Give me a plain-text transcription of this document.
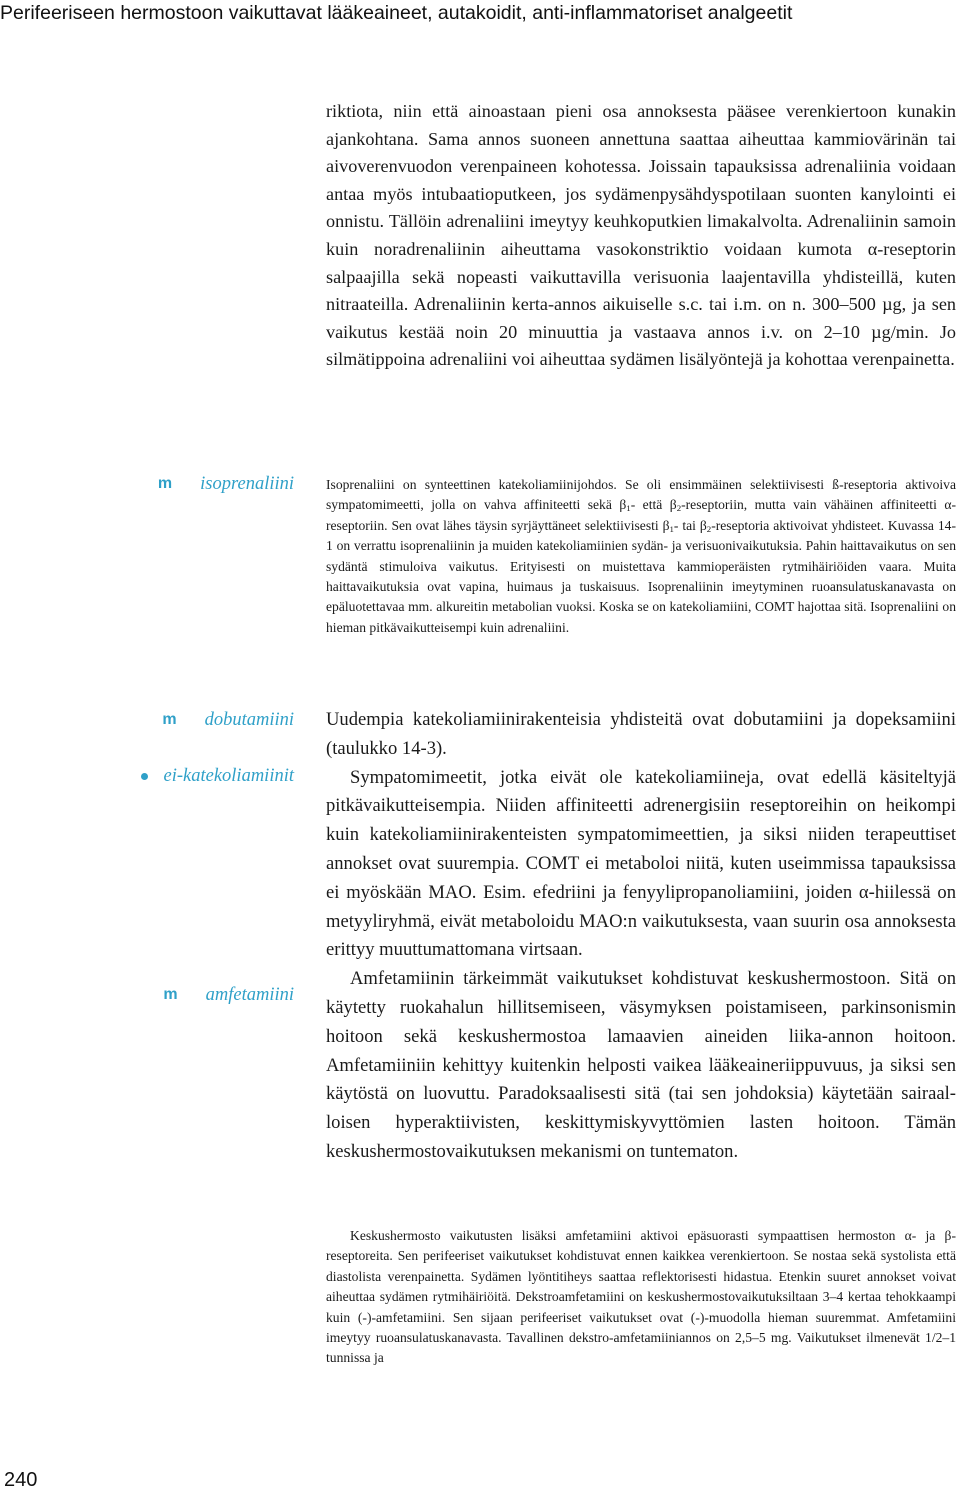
Perifeeriseen hermostoon vaikuttavat lääkeaineet, autakoidit, anti-inflammatoriset analgeetit

riktiota, niin että ainoastaan pieni osa annoksesta pääsee verenkiertoon kunakin ajankohtana. Sama annos suoneen annettuna saattaa aiheuttaa kammiovärinän tai aivoverenvuodon verenpaineen kohotessa. Joissain tapauksissa adrenaliinia voidaan antaa myös intubaatioputkeen, jos sydämenpysähdyspotilaan suonten kanylointi ei onnistu. Tällöin adrenaliini imeytyy keuhkoputkien limakalvolta. Adrenaliinin samoin kuin noradrenaliinin aiheuttama vasokonstriktio voidaan kumota α-reseptorin salpaajilla sekä nopeasti vaikuttavilla verisuonia laajentavilla yhdisteillä, kuten nitraateilla. Adrenaliinin kerta-annos aikuiselle s.c. tai i.m. on n. 300–500 µg, ja sen vaikutus kestää noin 20 minuuttia ja vastaava annos i.v. on 2–10 µg/min. Jo silmätippoina adrenaliini voi aiheuttaa sydämen lisälyöntejä ja kohottaa verenpainetta.

m isoprenaliini Isoprenaliini on synteettinen katekoliamiinijohdos. Se oli ensimmäinen selektiivisesti ß-reseptoria aktivoiva sympatomimeetti, jolla on vahva affiniteetti sekä $\beta_1-$ että $\beta_2$-reseptoriin, mutta vain vähäinen affiniteetti α-reseptoriin. Sen ovat lähes täysin syrjäyttäneet selektiivisesti $\beta_1-$ tai $\beta_2$-reseptoria aktivoivat yhdisteet. Kuvassa 14-1 on verrattu isoprenaliinin ja muiden katekoliamiinien sydän- ja verisuonivaikutuksia. Pahin haittavaikutus on sen sydäntä stimuloiva vaikutus. Erityisesti on muistettava kammioperäisten rytmihäiriöiden vaara. Muita haittavaikutuksia ovat vapina, huimaus ja tuskaisuus. Isoprenaliinin imeytyminen ruoansulatuskanavasta on epäluotettavaa mm. alkureitin metabolian vuoksi. Koska se on katekoliamiini, COMT hajottaa sitä. Isoprenaliini on hieman pitkävaikutteisempi kuin adrenaliini.

m dobutamiini
ei-katekoliamiinit

Uudempia katekoliamiinirakenteisia yhdisteitä ovat dobutamiini ja dopeksamiini (taulukko 14-3).

Sympatomimeetit, jotka eivät ole katekoliamiineja, ovat edellä käsiteltyjä pitkävaikutteisempia. Niiden affiniteetti adrenergisiin reseptoreihin on heikompi kuin katekoliamiinirakenteisten sympatomimeettien, ja siksi niiden terapeuttiset annokset ovat suurempia. COMT ei metaboloi niitä, kuten useimmissa tapauksissa ei myöskään MAO. Esim. efedriini ja fenyylipropanoliamiini, joiden α-hiilessä on metyyliryhmä, eivät metaboloidu MAO:n vaikutuksesta, vaan suurin osa annoksesta erittyy muuttumattomana virtsaan.

Amfetamiinin tärkeimmät vaikutukset kohdistuvat keskushermostoon. Sitä on käytetty ruokahalun hillitsemiseen, väsymyksen poistamiseen, parkinsonismin hoitoon sekä keskushermostoa lamaavien aineiden liika-annon hoitoon. Amfetamiiniin kehittyy kuitenkin helposti vaikea lääkeaineriippuvuus, ja siksi sen käytöstä on luovuttu. Paradoksaalisesti sitä (tai sen johdoksia) käytetään sairaalloisen hyperaktiivisten, keskittymiskyvyttömien lasten hoitoon. Tämän keskushermostovaikutuksen mekanismi on tuntematon.

m amfetamiini

Keskushermosto vaikutusten lisäksi amfetamiini aktivoi epäsuorasti sympaattisen hermoston α- ja β-reseptoreita. Sen perifeeriset vaikutukset kohdistuvat ennen kaikkea verenkiertoon. Se nostaa sekä systolista että diastolista verenpainetta. Sydämen lyöntitiheys saattaa reflektorisesti hidastua. Etenkin suuret annokset voivat aiheuttaa sydämen rytmihäiriöitä. Dekstroamfetamiini on keskushermostovaikutuksiltaan 3–4 kertaa tehokkaampi kuin (-)-amfetamiini. Sen sijaan perifeeriset vaikutukset ovat (-)-muodolla hieman suuremmat. Amfetamiini imeytyy ruoansulatuskanavasta. Tavallinen dekstro-amfetamiiniannos on 2,5–5 mg. Vaikutukset ilmenevät 1/2–1 tunnissa ja

240
